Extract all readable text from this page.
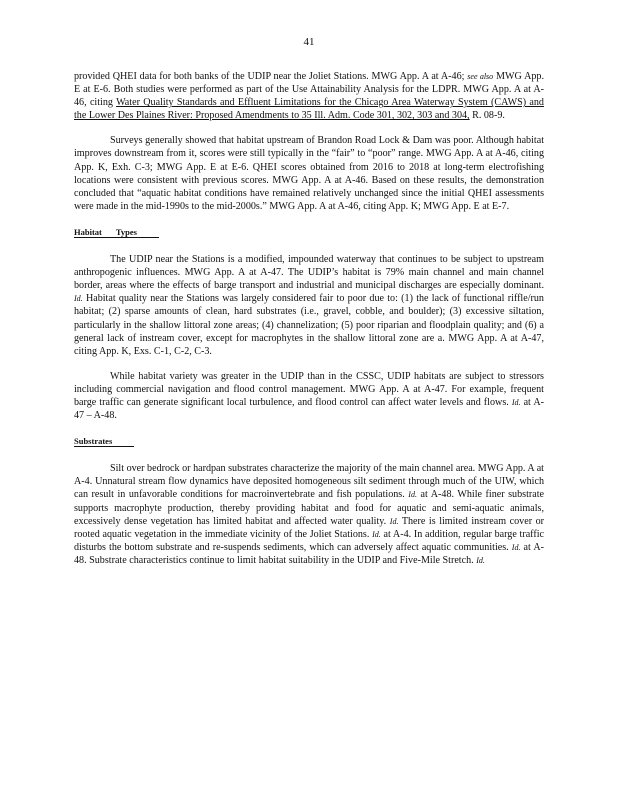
41

provided QHEI data for both banks of the UDIP near the Joliet Stations. MWG App. A at A-46; see also MWG App. E at E-6. Both studies were performed as part of the Use Attainability Analysis for the LDPR. MWG App. A at A-46, citing Water Quality Standards and Effluent Limitations for the Chicago Area Waterway System (CAWS) and the Lower Des Plaines River: Proposed Amendments to 35 Ill. Adm. Code 301, 302, 303 and 304, R. 08-9.

Surveys generally showed that habitat upstream of Brandon Road Lock & Dam was poor. Although habitat improves downstream from it, scores were still typically in the “fair” to “poor” range. MWG App. A at A-46, citing App. K, Exh. C-3; MWG App. E at E-6. QHEI scores obtained from 2016 to 2018 at long-term electrofishing locations were consistent with previous scores. MWG App. A at A-46. Based on these results, the demonstration concluded that “aquatic habitat conditions have remained relatively unchanged since the initial QHEI assessments were made in the mid-1990s to the mid-2000s.” MWG App. A at A-46, citing App. K; MWG App. E at E-7.

Habitat Types

The UDIP near the Stations is a modified, impounded waterway that continues to be subject to upstream anthropogenic influences. MWG App. A at A-47. The UDIP’s habitat is 79% main channel and main channel border, areas where the effects of barge transport and industrial and municipal discharges are especially dominant. Id. Habitat quality near the Stations was largely considered fair to poor due to: (1) the lack of functional riffle/run habitat; (2) sparse amounts of clean, hard substrates (i.e., gravel, cobble, and boulder); (3) excessive siltation, particularly in the shallow littoral zone areas; (4) channelization; (5) poor riparian and floodplain quality; and (6) a general lack of instream cover, except for macrophytes in the shallow littoral zone are a. MWG App. A at A-47, citing App. K, Exs. C-1, C-2, C-3.

While habitat variety was greater in the UDIP than in the CSSC, UDIP habitats are subject to stressors including commercial navigation and flood control management. MWG App. A at A-47. For example, frequent barge traffic can generate significant local turbulence, and flood control can affect water levels and flows. Id. at A-47 – A-48.

Substrates

Silt over bedrock or hardpan substrates characterize the majority of the main channel area. MWG App. A at A-4. Unnatural stream flow dynamics have deposited homogeneous silt sediment through much of the UIW, which can result in unfavorable conditions for macroinvertebrate and fish populations. Id. at A-48. While finer substrate supports macrophyte production, thereby providing habitat and food for aquatic and semi-aquatic animals, excessively dense vegetation has limited habitat and affected water quality. Id. There is limited instream cover or rooted aquatic vegetation in the immediate vicinity of the Joliet Stations. Id. at A-4. In addition, regular barge traffic disturbs the bottom substrate and re-suspends sediments, which can adversely affect aquatic communities. Id. at A-48. Substrate characteristics continue to limit habitat suitability in the UDIP and Five-Mile Stretch. Id.
